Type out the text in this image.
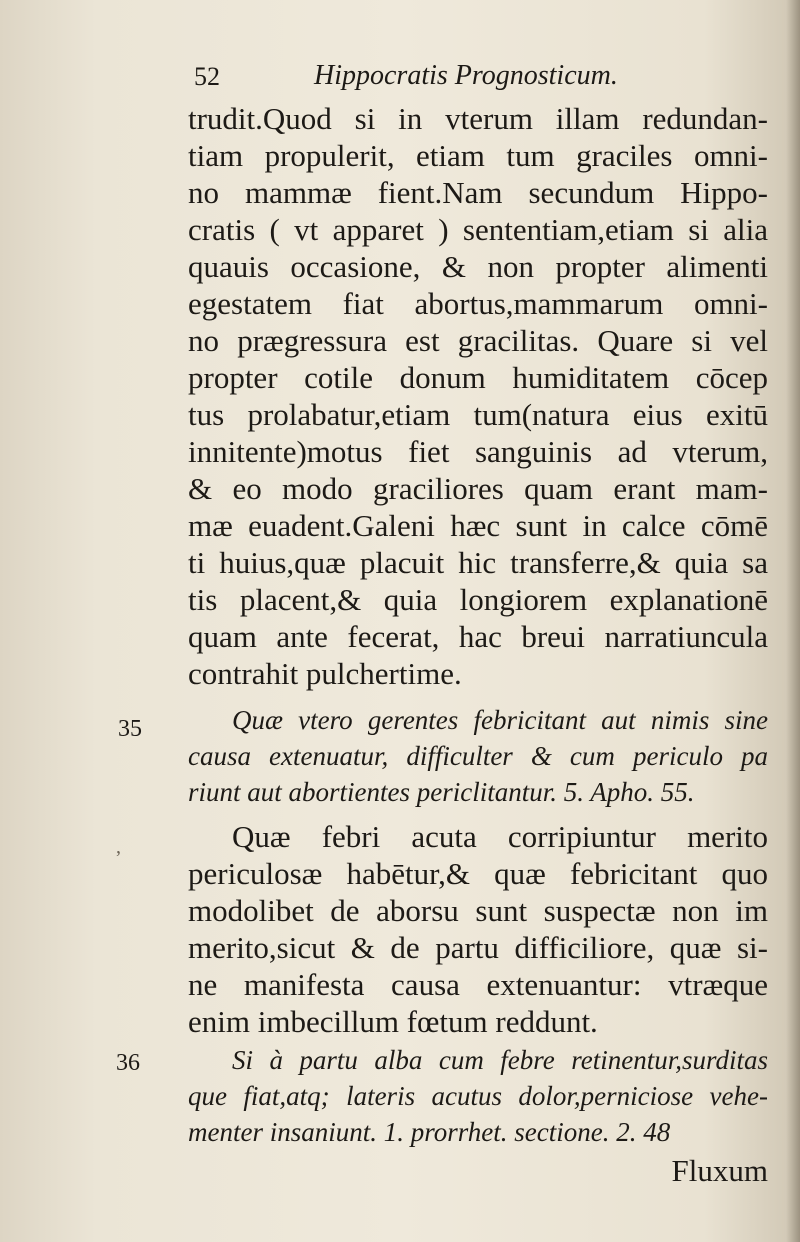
52	Hippocratis Prognosticum.
trudit.Quod si in vterum illam redundan-
tiam propulerit, etiam tum graciles omni-
no mammæ fient.Nam secundum Hippo-
cratis ( vt apparet ) sententiam,etiam si alia
quauis occasione, & non propter alimenti
egestatem fiat abortus,mammarum omni-
no prægressura est gracilitas. Quare si vel
propter cotile donum humiditatem cōcep
tus prolabatur,etiam tum(natura eius exitū
innitente)motus fiet sanguinis ad vterum,
& eo modo graciliores quam erant mam-
mæ euadent.Galeni hæc sunt in calce cōmē
ti huius,quæ placuit hic transferre,& quia sa
tis placent,& quia longiorem explanationē
quam ante fecerat, hac breui narratiuncula
contrahit pulchertime.
35
,
Quæ vtero gerentes febricitant aut nimis sine
causa extenuatur, difficulter & cum periculo pa
riunt aut abortientes periclitantur. 5. Apho. 55.
Quæ febri acuta corripiuntur merito
periculosæ habētur,& quæ febricitant quo
modolibet de aborsu sunt suspectæ non im
merito,sicut & de partu difficiliore, quæ si-
ne manifesta causa extenuantur: vtræque
enim imbecillum fœtum reddunt.
36	Si à partu alba cum febre retinentur,surditas
que fiat,atq; lateris acutus dolor,perniciose vehe-
menter insaniunt. 1. prorrhet. sectione. 2. 48
Fluxum
